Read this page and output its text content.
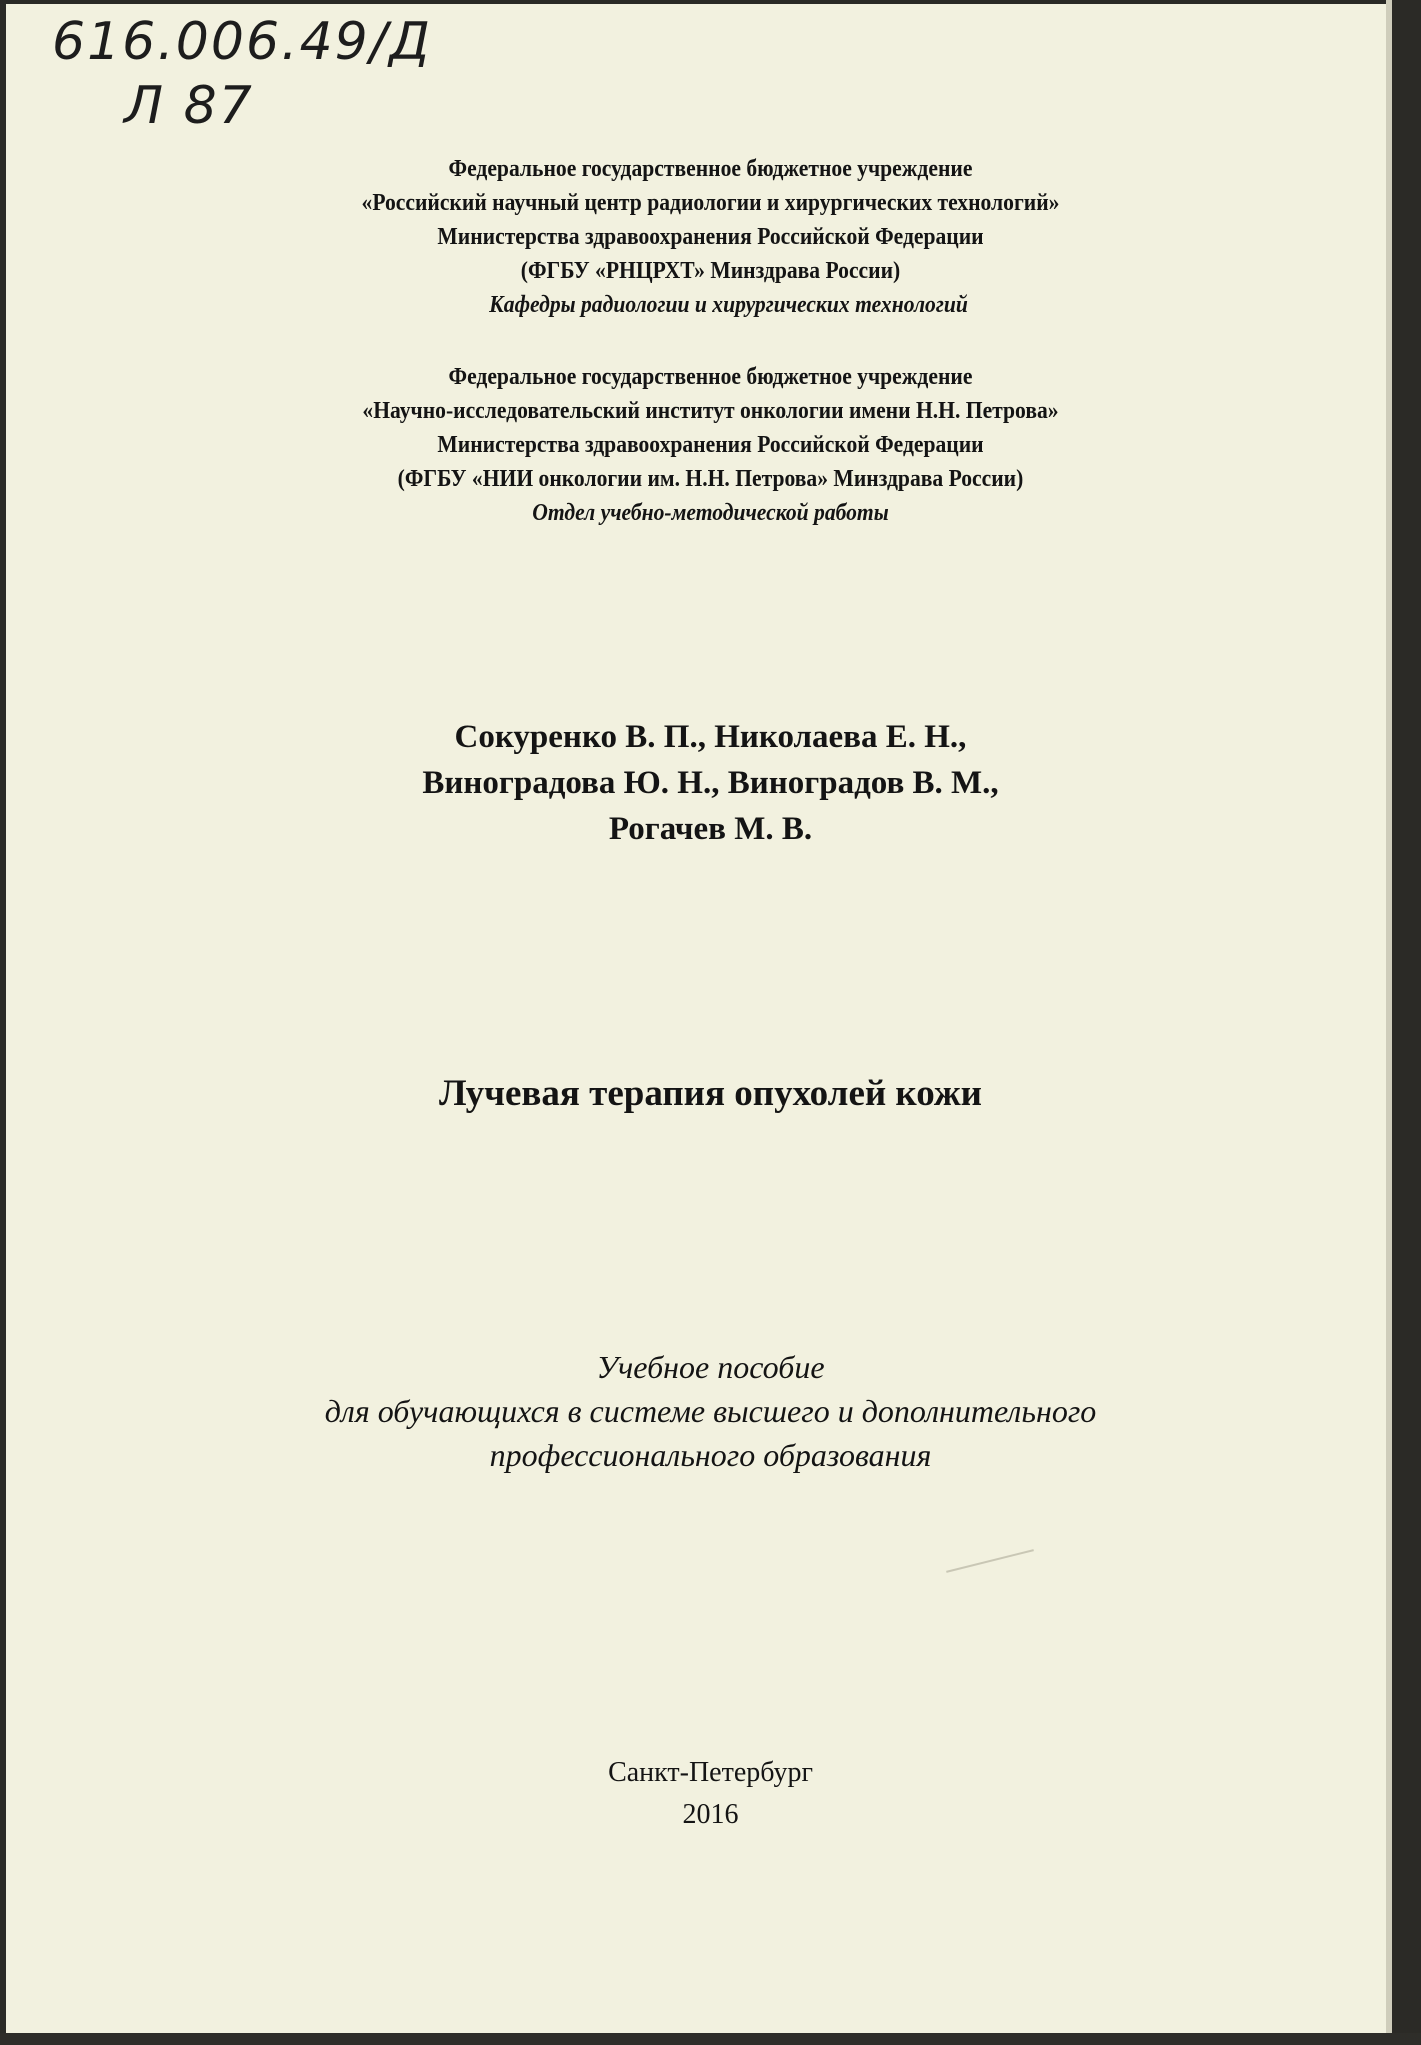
616.006.49/Д
Л 87
Федеральное государственное бюджетное учреждение
«Российский научный центр радиологии и хирургических технологий»
Министерства здравоохранения Российской Федерации
(ФГБУ «РНЦРХТ» Минздрава России)
Кафедры радиологии и хирургических технологий
Федеральное государственное бюджетное учреждение
«Научно-исследовательский институт онкологии имени Н.Н. Петрова»
Министерства здравоохранения Российской Федерации
(ФГБУ «НИИ онкологии им. Н.Н. Петрова» Минздрава России)
Отдел учебно-методической работы
Сокуренко В. П., Николаева Е. Н.,
Виноградова Ю. Н., Виноградов В. М.,
Рогачев М. В.
Лучевая терапия опухолей кожи
Учебное пособие
для обучающихся в системе высшего и дополнительного
профессионального образования
Санкт-Петербург
2016
